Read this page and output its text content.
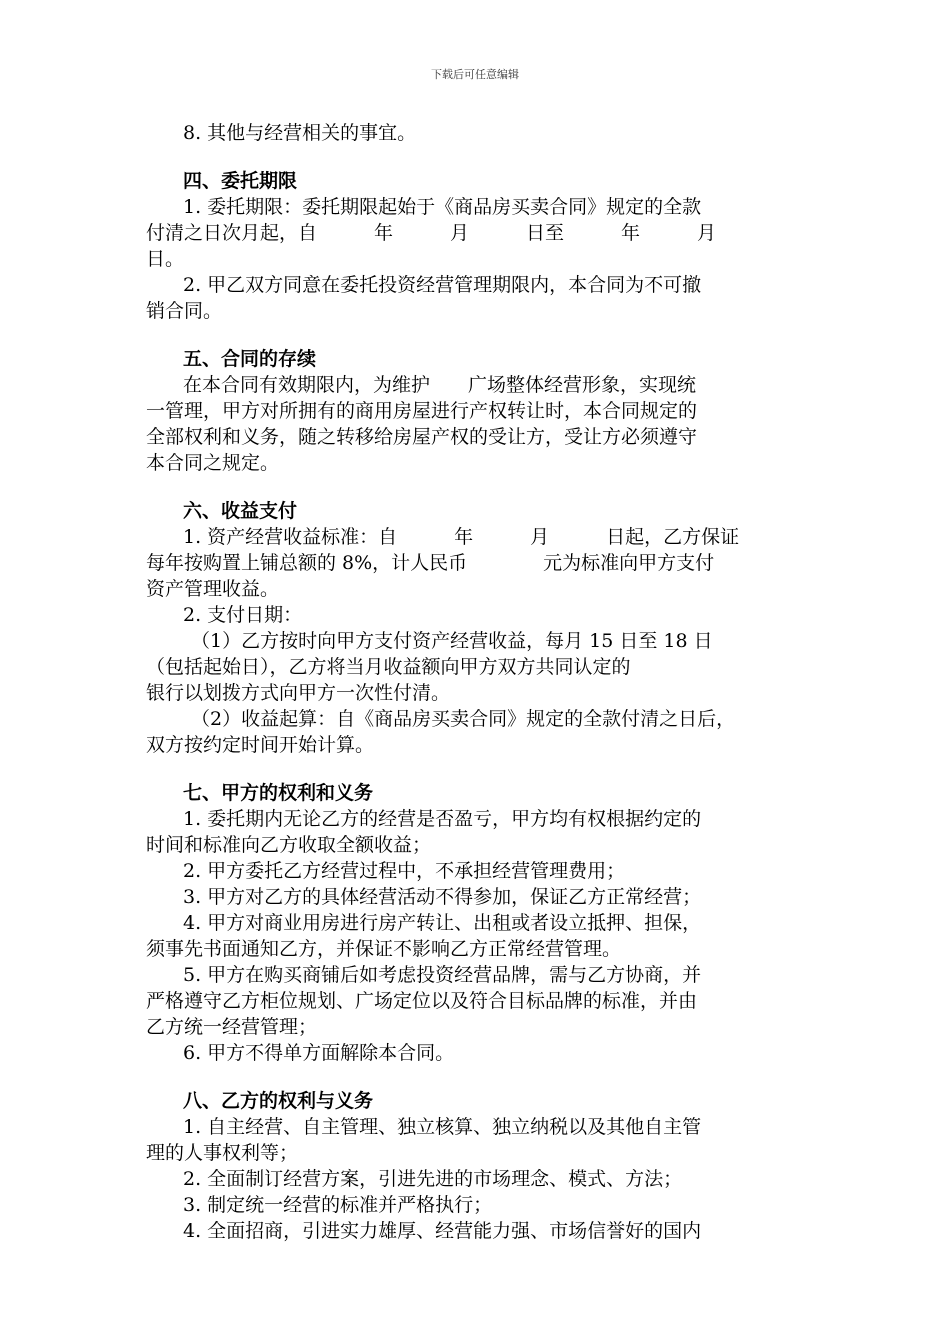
下载后可任意编辑
8. 其他与经营相关的事宜。
四、委托期限
1. 委托期限：委托期限起始于《商品房买卖合同》规定的全款
付清之日次月起，自　　　年　　　月　　　日至　　　年　　　月
日。
2. 甲乙双方同意在委托投资经营管理期限内，本合同为不可撤
销合同。
五、合同的存续
在本合同有效期限内，为维护　　广场整体经营形象，实现统
一管理，甲方对所拥有的商用房屋进行产权转让时，本合同规定的
全部权利和义务，随之转移给房屋产权的受让方，受让方必须遵守
本合同之规定。
六、收益支付
1. 资产经营收益标准：自　　　年　　　月　　　日起，乙方保证
每年按购置上铺总额的 8%，计人民币　　　　元为标准向甲方支付
资产管理收益。
2. 支付日期：
（1）乙方按时向甲方支付资产经营收益，每月 15 日至 18 日
（包括起始日），乙方将当月收益额向甲方双方共同认定的
银行以划拨方式向甲方一次性付清。
（2）收益起算：自《商品房买卖合同》规定的全款付清之日后，
双方按约定时间开始计算。
七、甲方的权利和义务
1. 委托期内无论乙方的经营是否盈亏，甲方均有权根据约定的
时间和标准向乙方收取全额收益；
2. 甲方委托乙方经营过程中，不承担经营管理费用；
3. 甲方对乙方的具体经营活动不得参加，保证乙方正常经营；
4. 甲方对商业用房进行房产转让、出租或者设立抵押、担保，
须事先书面通知乙方，并保证不影响乙方正常经营管理。
5. 甲方在购买商铺后如考虑投资经营品牌，需与乙方协商，并
严格遵守乙方柜位规划、广场定位以及符合目标品牌的标准，并由
乙方统一经营管理；
6. 甲方不得单方面解除本合同。
八、乙方的权利与义务
1. 自主经营、自主管理、独立核算、独立纳税以及其他自主管
理的人事权利等；
2. 全面制订经营方案，引进先进的市场理念、模式、方法；
3. 制定统一经营的标准并严格执行；
4. 全面招商，引进实力雄厚、经营能力强、市场信誉好的国内
